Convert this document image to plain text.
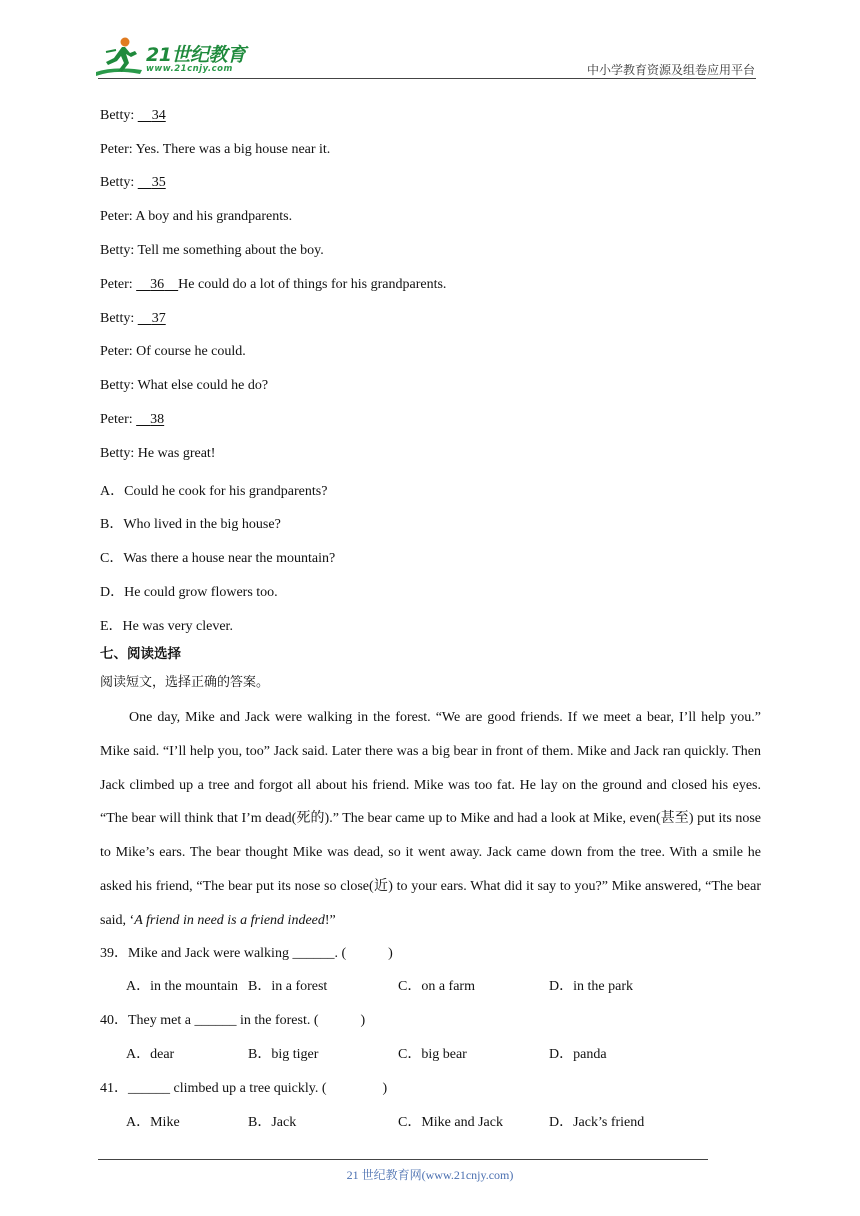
21世纪教育
www.21cnjy.com	中小学教育资源及组卷应用平台
Betty:     34
Peter: Yes. There was a big house near it.
Betty:     35
Peter: A boy and his grandparents.
Betty: Tell me something about the boy.
Peter:     36 He could do a lot of things for his grandparents.
Betty:     37
Peter: Of course he could.
Betty: What else could he do?
Peter:     38
Betty: He was great!
A．Could he cook for his grandparents?
B．Who lived in the big house?
C．Was there a house near the mountain?
D．He could grow flowers too.
E．He was very clever.
七、阅读选择
阅读短文，选择正确的答案。
One day, Mike and Jack were walking in the forest. “We are good friends. If we meet a bear, I’ll help you.” Mike said. “I’ll help you, too” Jack said. Later there was a big bear in front of them. Mike and Jack ran quickly. Then Jack climbed up a tree and forgot all about his friend. Mike was too fat. He lay on the ground and closed his eyes. “The bear will think that I’m dead(死的).” The bear came up to Mike and had a look at Mike, even(甚至) put its nose to Mike’s ears. The bear thought Mike was dead, so it went away. Jack came down from the tree. With a smile he asked his friend, “The bear put its nose so close(近) to your ears. What did it say to you?” Mike answered, “The bear said, ‘A friend in need is a friend indeed!”
39．Mike and Jack were walking ______. (　　　)
A．in the mountain B．in a forest	C．on a farm	D．in the park
40．They met a ______ in the forest. (　　　)
A．dear	B．big tiger	C．big bear	D．panda
41．______ climbed up a tree quickly. (　　　　)
A．Mike	B．Jack	C．Mike and Jack	D．Jack’s friend
21 世纪教育网(www.21cnjy.com)
